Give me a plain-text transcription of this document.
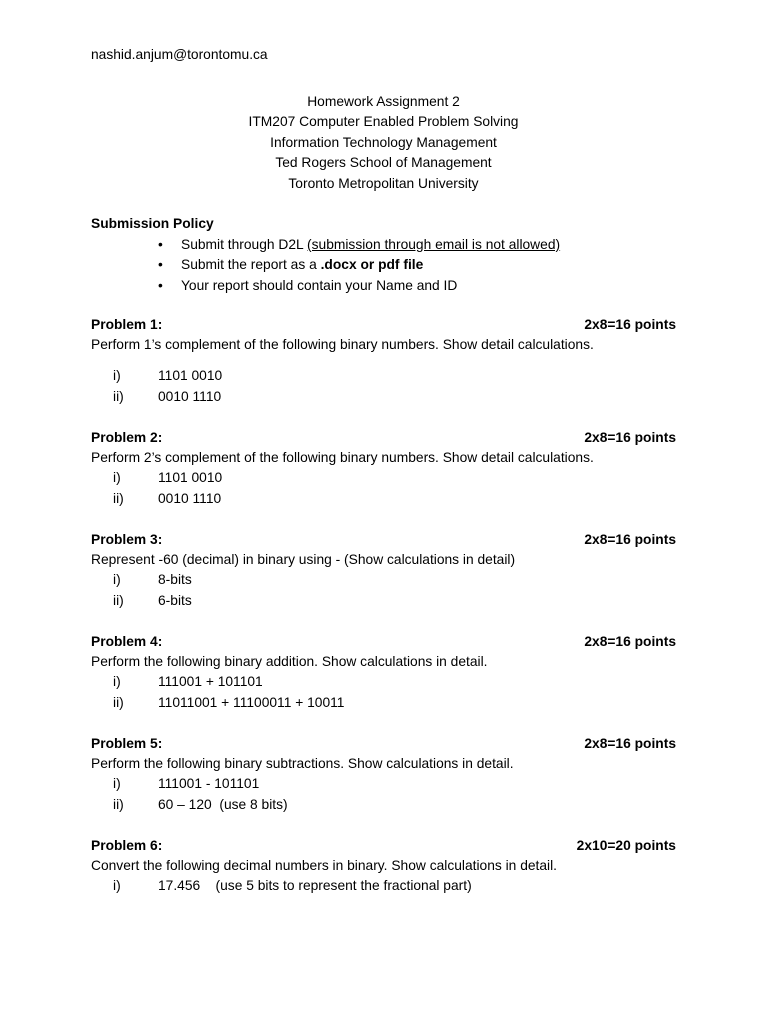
nashid.anjum@torontomu.ca
Homework Assignment 2
ITM207 Computer Enabled Problem Solving
Information Technology Management
Ted Rogers School of Management
Toronto Metropolitan University
Submission Policy
• Submit through D2L (submission through email is not allowed)
• Submit the report as a .docx or pdf file
• Your report should contain your Name and ID
Problem 1:	2x8=16 points
Perform 1’s complement of the following binary numbers. Show detail calculations.
i)	1101 0010
ii) 0010 1110
Problem 2:	2x8=16 points
Perform 2’s complement of the following binary numbers. Show detail calculations.
i)	1101 0010
ii) 0010 1110
Problem 3:	2x8=16 points
Represent -60 (decimal) in binary using - (Show calculations in detail)
i)	8-bits
ii) 6-bits
Problem 4:	2x8=16 points
Perform the following binary addition. Show calculations in detail.
i)	111001 + 101101
ii) 11011001 + 11100011 + 10011
Problem 5:	2x8=16 points
Perform the following binary subtractions. Show calculations in detail.
i)	111001 - 101101
ii) 60 – 120  (use 8 bits)
Problem 6:	2x10=20 points
Convert the following decimal numbers in binary. Show calculations in detail.
i)	17.456    (use 5 bits to represent the fractional part)
